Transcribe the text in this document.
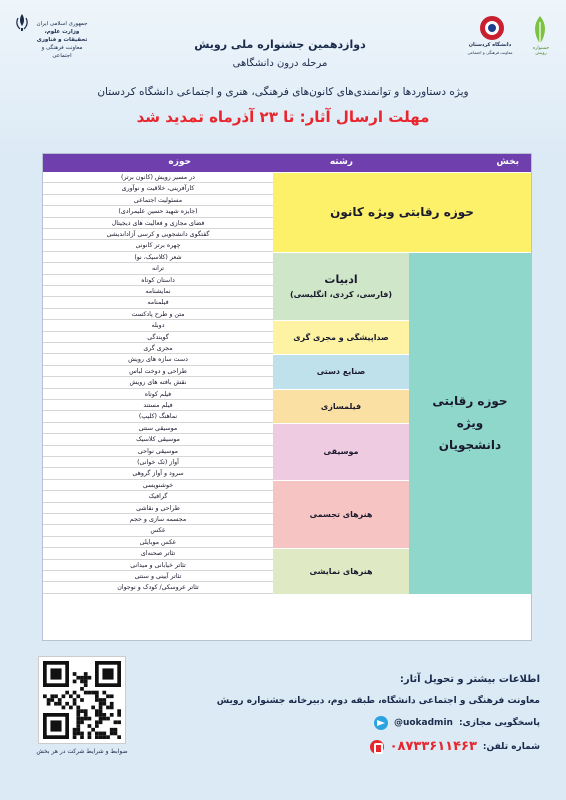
جمهوری اسلامی ایران
وزارت علوم، تحقیقات و فناوری
معاونت فرهنگی و اجتماعی
جشنواره رویش
دانشگاه کردستان
معاونت فرهنگی و اجتماعی
دوازدهمین جشنواره ملی رویش
مرحله درون دانشگاهی
ویژه دستاوردها و توانمندی‌های کانون‌های فرهنگی، هنری و اجتماعی دانشگاه کردستان
مهلت ارسال آثار: تا ۲۳ آذرماه تمدید شد
بخش
رشته
حوزه
در مسیر رویش (کانون برتر)
کارآفرینی، خلاقیت و نوآوری
مسئولیت اجتماعی
(جایزه شهید حسین علیمرادی)
فضای مجازی و فعالیت های دیجیتال
گفتگوی دانشجویی و کرسی آزاداندیشی
چهره برتر کانونی
حوزه رقابتی ویژه کانون
شعر (کلاسیک، نو)
ترانه
داستان کوتاه
نمایشنامه
فیلمنامه
متن و طرح پادکست
ادبیات
(فارسی، کردی، انگلیسی)
دوبله
گویندگی
مجری گری
صداپیشگی و مجری گری
دست سازه های رویش
طراحی و دوخت لباس
نقش بافته های رویش
صنایع دستی
فیلم کوتاه
فیلم مستند
نماهنگ (کلیپ)
فیلمسازی
موسیقی سنتی
موسیقی کلاسیک
موسیقی نواحی
آواز (تک خوانی)
سرود و آواز گروهی
موسیقی
خوشنویسی
گرافیک
طراحی و نقاشی
مجسمه سازی و حجم
عکس
عکس موبایلی
هنرهای تجسمی
تئاتر صحنه‌ای
تئاتر خیابانی و میدانی
تئاتر آیینی و سنتی
تئاتر عروسکی/ کودک و نوجوان
هنرهای نمایشی
حوزه رقابتی ویژه دانشجویان
اطلاعات بیشتر و تحویل آثار:
معاونت فرهنگی و اجتماعی دانشگاه، طبقه دوم، دبیرخانه جشنواره رویش
پاسخگویی مجازی:
@uokadmin
شماره تلفن:
۰۸۷۳۳۶۱۱۴۶۳
ضوابط و شرایط شرکت در هر بخش
